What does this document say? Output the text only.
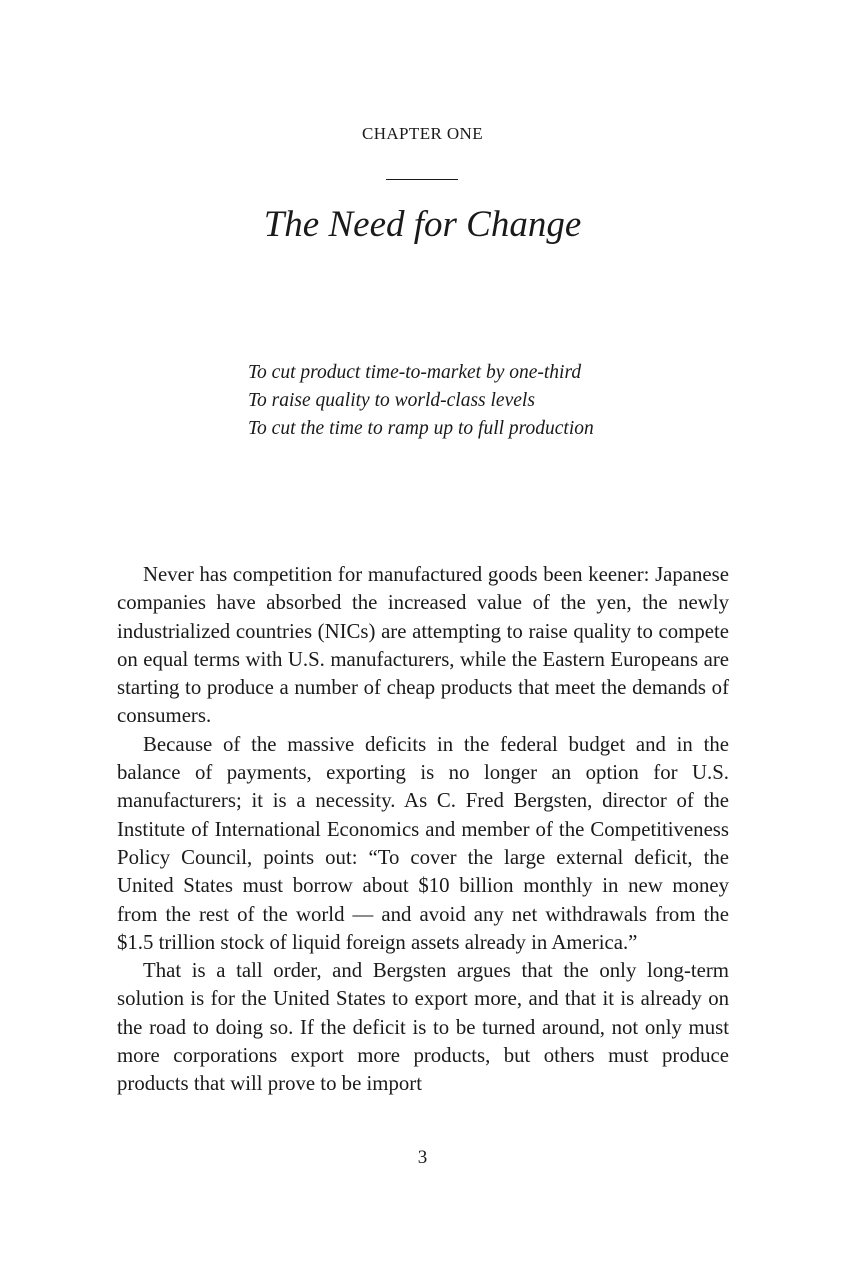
CHAPTER ONE
The Need for Change
To cut product time-to-market by one-third
To raise quality to world-class levels
To cut the time to ramp up to full production

Never has competition for manufactured goods been keener: Japanese companies have absorbed the increased value of the yen, the newly industrialized countries (NICs) are attempting to raise quality to compete on equal terms with U.S. manufacturers, while the Eastern Europeans are starting to produce a number of cheap products that meet the demands of consumers.

Because of the massive deficits in the federal budget and in the balance of payments, exporting is no longer an option for U.S. manufacturers; it is a necessity. As C. Fred Bergsten, director of the Institute of International Economics and member of the Competitiveness Policy Council, points out: “To cover the large external deficit, the United States must borrow about $10 billion monthly in new money from the rest of the world — and avoid any net withdrawals from the $1.5 trillion stock of liquid foreign assets already in America.”

That is a tall order, and Bergsten argues that the only long-term solution is for the United States to export more, and that it is already on the road to doing so. If the deficit is to be turned around, not only must more corporations export more products, but others must produce products that will prove to be import

3
